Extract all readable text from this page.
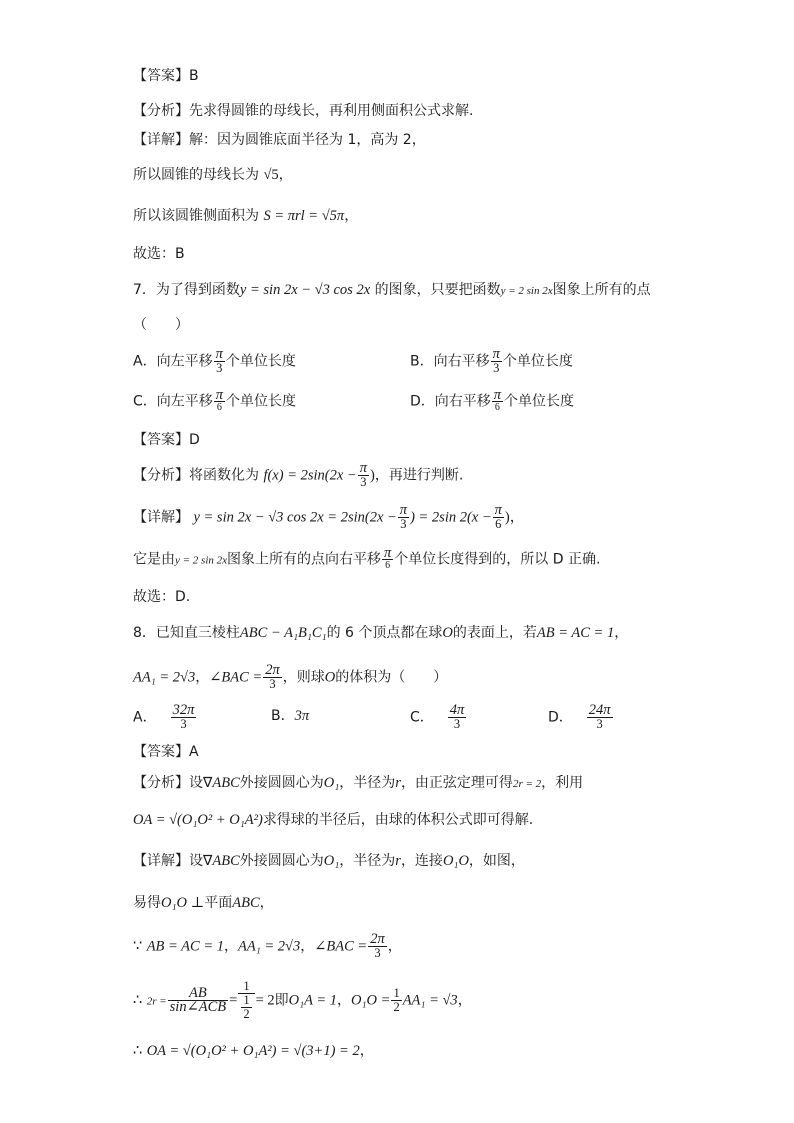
【答案】B
【分析】先求得圆锥的母线长，再利用侧面积公式求解.
【详解】解：因为圆锥底面半径为 1，高为 2，
所以圆锥的母线长为 √5，
所以该圆锥侧面积为 S = πrl = √5π，
故选：B
7．为了得到函数y = sin 2x − √3 cos 2x 的图象，只要把函数y = 2 sin 2x图象上所有的点
（　　）
A．向左平移 $\frac{\pi}{3}$ 个单位长度	B．向右平移 $\frac{\pi}{3}$ 个单位长度
C．向左平移 $\frac{\pi}{6}$ 个单位长度	D．向右平移 $\frac{\pi}{6}$ 个单位长度
【答案】D
【分析】将函数化为 $f(x) = 2\sin(2x - \frac{\pi}{3}$ )，再进行判断.
【详解】 y = sin 2x − √3 $\cos 2x = 2\sin(2x - \frac{\pi}{3}$ ) = 2sin $2(x - \frac{\pi}{6}$ )，
它是由y = 2 sin 2x图象上所有的点向右平移 $\frac{\pi}{6}$ 个单位长度得到的，所以 D 正确.
故选：D.
8．已知直三棱柱ABC − A₁B₁C₁的 6 个顶点都在球O的表面上，若AB = AC = 1，
AA₁ = 2√3，∠BAC = $\frac{2\pi}{3}$ ，则球O的体积为（　　）
A． $\frac{32\pi}{3}$	B．3π	C． $\frac{4\pi}{3}$	D． $\frac{24\pi}{3}$
【答案】A
【分析】设∇ABC外接圆圆心为O₁，半径为r，由正弦定理可得2r = 2，利用
OA = √(O₁O² + O₁A²)求得球的半径后，由球的体积公式即可得解.
【详解】设∇ABC外接圆圆心为O₁，半径为r，连接O₁O，如图，
易得O₁O ⊥平面ABC，
∵ AB = AC = 1，AA₁ = 2√3，∠BAC = $\frac{2\pi}{3}$ ，
∴ $2r = \frac{AB}{\text{sin∠ACB}} = \frac{1}{\frac{1}{2}} = 2$即O₁A = 1，$O_1O = \frac{1}{2} AA_1 = √3$，
∴ OA = √(O₁O² + O₁A²) = √(3+1) = 2，
